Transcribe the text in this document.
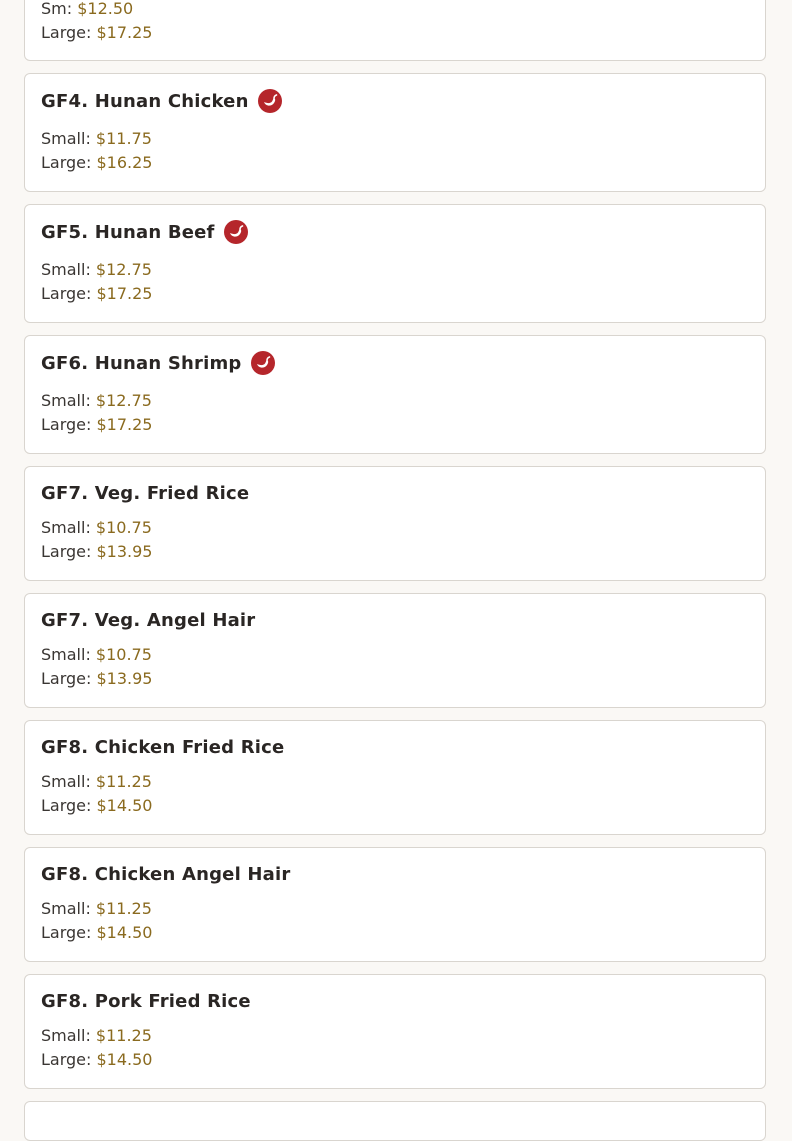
Sm: $12.50
Large: $17.25
GF4. Hunan Chicken
Small: $11.75
Large: $16.25
GF5. Hunan Beef
Small: $12.75
Large: $17.25
GF6. Hunan Shrimp
Small: $12.75
Large: $17.25
GF7. Veg. Fried Rice
Small: $10.75
Large: $13.95
GF7. Veg. Angel Hair
Small: $10.75
Large: $13.95
GF8. Chicken Fried Rice
Small: $11.25
Large: $14.50
GF8. Chicken Angel Hair
Small: $11.25
Large: $14.50
GF8. Pork Fried Rice
Small: $11.25
Large: $14.50
